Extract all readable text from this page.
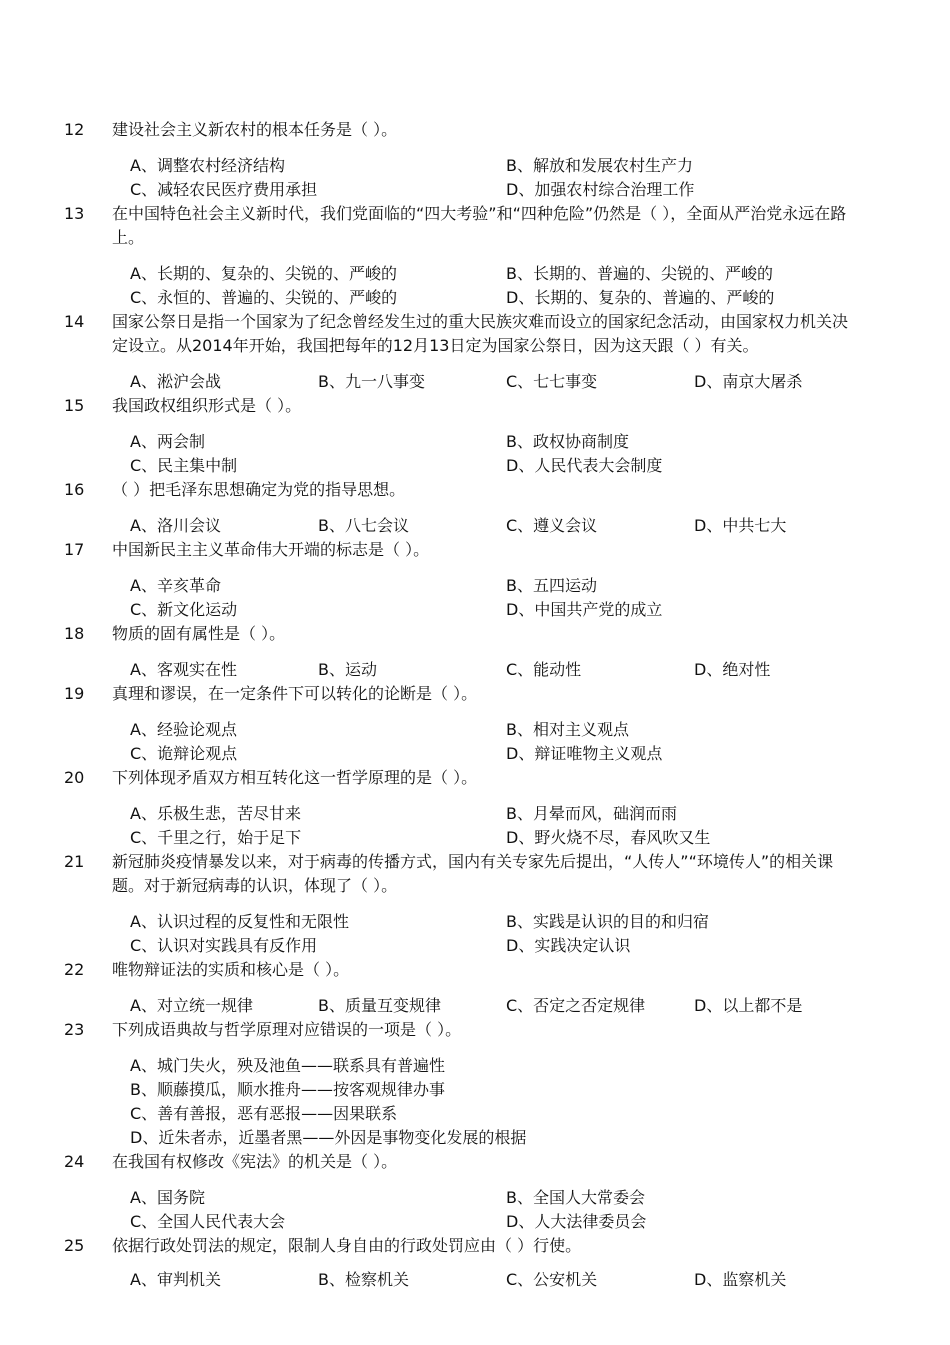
12 建设社会主义新农村的根本任务是（ ）。
A、调整农村经济结构	B、解放和发展农村生产力
C、减轻农民医疗费用承担	D、加强农村综合治理工作
13 在中国特色社会主义新时代，我们党面临的“四大考验”和“四种危险”仍然是（ ），全面从严治党永远在路上。
A、长期的、复杂的、尖锐的、严峻的	B、长期的、普遍的、尖锐的、严峻的
C、永恒的、普遍的、尖锐的、严峻的	D、长期的、复杂的、普遍的、严峻的
14 国家公祭日是指一个国家为了纪念曾经发生过的重大民族灾难而设立的国家纪念活动，由国家权力机关决定设立。从2014年开始，我国把每年的12月13日定为国家公祭日，因为这天跟（ ）有关。
A、淞沪会战	B、九一八事变	C、七七事变	D、南京大屠杀
15 我国政权组织形式是（ ）。
A、两会制	B、政权协商制度
C、民主集中制	D、人民代表大会制度
16 （ ）把毛泽东思想确定为党的指导思想。
A、洛川会议	B、八七会议	C、遵义会议	D、中共七大
17 中国新民主主义革命伟大开端的标志是（ ）。
A、辛亥革命	B、五四运动
C、新文化运动	D、中国共产党的成立
18 物质的固有属性是（ ）。
A、客观实在性	B、运动	C、能动性	D、绝对性
19 真理和谬误，在一定条件下可以转化的论断是（ ）。
A、经验论观点	B、相对主义观点
C、诡辩论观点	D、辩证唯物主义观点
20 下列体现矛盾双方相互转化这一哲学原理的是（ ）。
A、乐极生悲，苦尽甘来	B、月晕而风，础润而雨
C、千里之行，始于足下	D、野火烧不尽，春风吹又生
21 新冠肺炎疫情暴发以来，对于病毒的传播方式，国内有关专家先后提出，“人传人”“环境传人”的相关课题。对于新冠病毒的认识，体现了（ ）。
A、认识过程的反复性和无限性	B、实践是认识的目的和归宿
C、认识对实践具有反作用	D、实践决定认识
22 唯物辩证法的实质和核心是（ ）。
A、对立统一规律	B、质量互变规律	C、否定之否定规律	D、以上都不是
23 下列成语典故与哲学原理对应错误的一项是（ ）。
A、城门失火，殃及池鱼——联系具有普遍性
B、顺藤摸瓜，顺水推舟——按客观规律办事
C、善有善报，恶有恶报——因果联系
D、近朱者赤，近墨者黑——外因是事物变化发展的根据
24 在我国有权修改《宪法》的机关是（ ）。
A、国务院	B、全国人大常委会
C、全国人民代表大会	D、人大法律委员会
25 依据行政处罚法的规定，限制人身自由的行政处罚应由（ ）行使。
A、审判机关	B、检察机关	C、公安机关	D、监察机关
